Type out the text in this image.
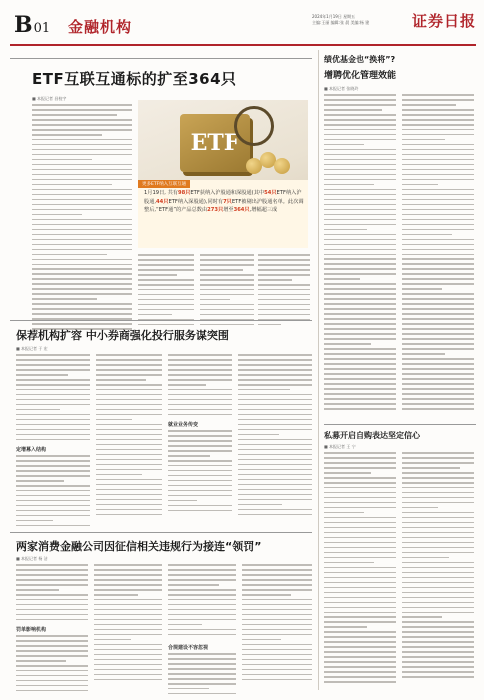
B01 金融机构
2024年1月19日 星期五
主编:王丽 编辑:张 晨 美编:杨 建	证券日报
ETF互联互通标的扩至364只
■ 本报记者 昌校宇
ETF
更多ETF纳入互联互通
1月19日, 共有98只ETF获纳入沪股通和深股通(其中54只ETF纳入沪股通,44只ETF纳入深股通),同时有7只ETF被剔出沪股通名单。此次调整后,“ETF通”的产品总数由273只增至364只,增幅超三成
绩优基金也“换将”?
增聘优化管理效能
■ 本报记者 张晓玲
保荐机构扩容 中小券商强化投行服务谋突围
■ 本报记者 于 宏
定增募入结构
就业业务传变
私募开启自购表达坚定信心
■ 本报记者 王 宁
两家消费金融公司因征信相关违规行为接连“领罚”
■ 本报记者 杨 洁
罚单影响机构
合规建设不容忽视
